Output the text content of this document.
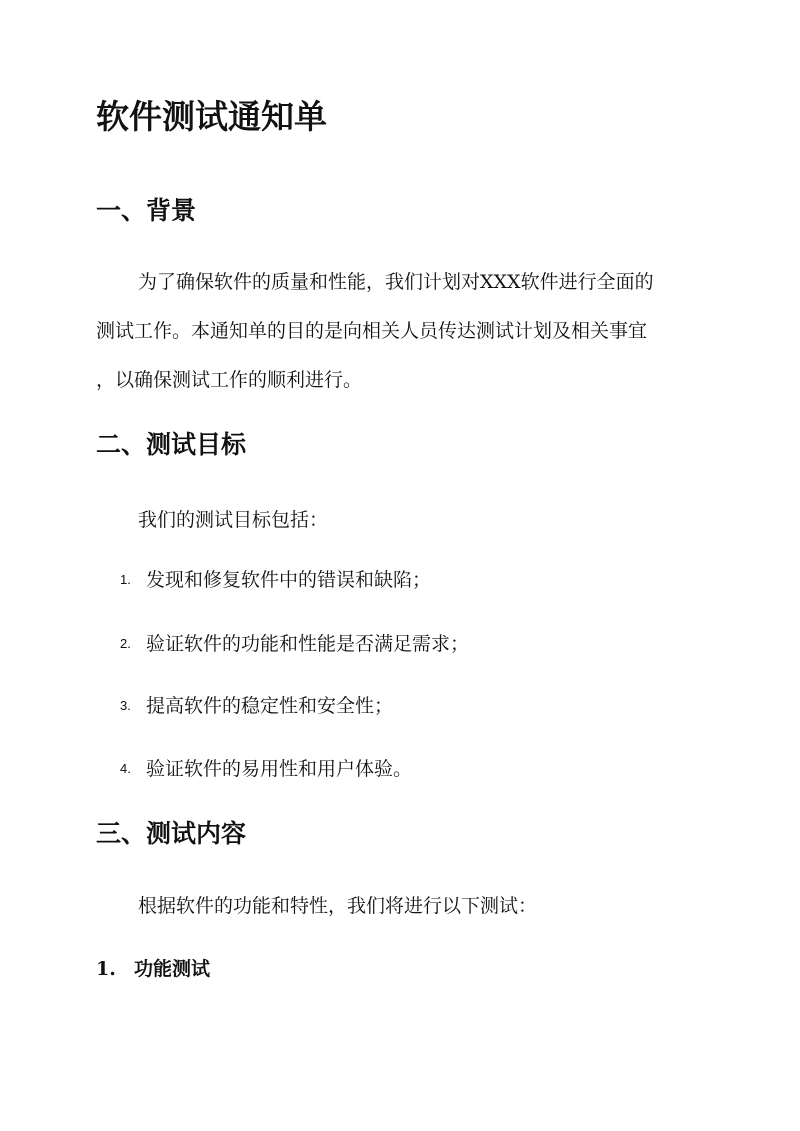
软件测试通知单
一、背景

为了确保软件的质量和性能，我们计划对XXX软件进行全面的

测试工作。本通知单的目的是向相关人员传达测试计划及相关事宜

，以确保测试工作的顺利进行。

二、测试目标

我们的测试目标包括：

1. 发现和修复软件中的错误和缺陷；
2. 验证软件的功能和性能是否满足需求；
3. 提高软件的稳定性和安全性；
4. 验证软件的易用性和用户体验。
三、测试内容

根据软件的功能和特性，我们将进行以下测试：

1. 功能测试
